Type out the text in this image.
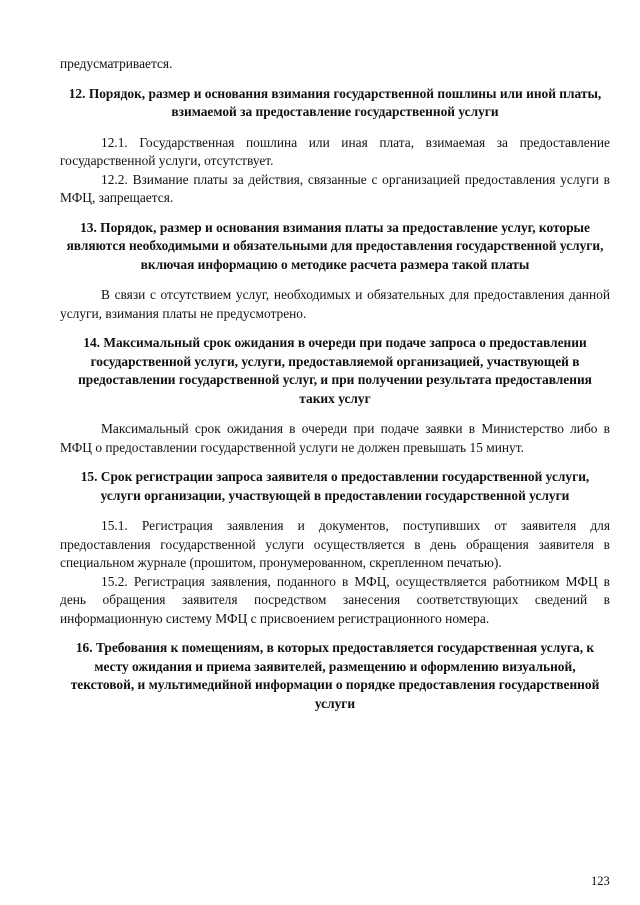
предусматривается.

12. Порядок, размер и основания взимания государственной пошлины или иной платы, взимаемой за предоставление государственной услуги

12.1. Государственная пошлина или иная плата, взимаемая за предоставление государственной услуги, отсутствует.

12.2. Взимание платы за действия, связанные с организацией предоставления услуги в МФЦ, запрещается.

13. Порядок, размер и основания взимания платы за предоставление услуг, которые являются необходимыми и обязательными для предоставления государственной услуги, включая информацию о методике расчета размера такой платы

В связи с отсутствием услуг, необходимых и обязательных для предоставления данной услуги, взимания платы не предусмотрено.

14. Максимальный срок ожидания в очереди при подаче запроса о предоставлении государственной услуги, услуги, предоставляемой организацией, участвующей в предоставлении государственной услуг, и при получении результата предоставления таких услуг

Максимальный срок ожидания в очереди при подаче заявки в Министерство либо в МФЦ о предоставлении государственной услуги не должен превышать 15 минут.

15. Срок регистрации запроса заявителя о предоставлении государственной услуги, услуги организации, участвующей в предоставлении государственной услуги

15.1. Регистрация заявления и документов, поступивших от заявителя для предоставления государственной услуги осуществляется в день обращения заявителя в специальном журнале (прошитом, пронумерованном, скрепленном печатью).

15.2. Регистрация заявления, поданного в МФЦ, осуществляется работником МФЦ в день обращения заявителя посредством занесения соответствующих сведений в информационную систему МФЦ с присвоением регистрационного номера.

16. Требования к помещениям, в которых предоставляется государственная услуга, к месту ожидания и приема заявителей, размещению и оформлению визуальной, текстовой, и мультимедийной информации о порядке предоставления государственной услуги
123
